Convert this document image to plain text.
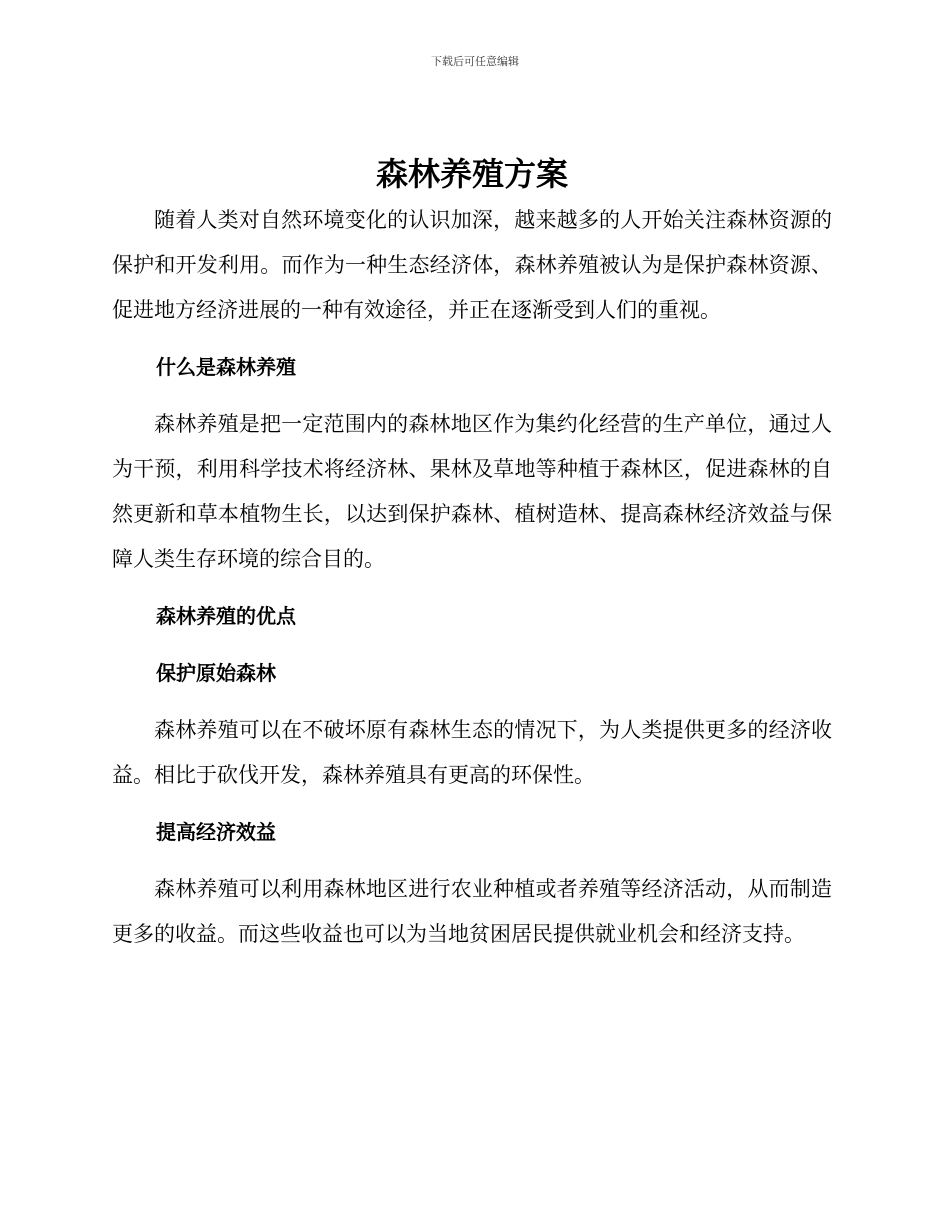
下载后可任意编辑
森林养殖方案

随着人类对自然环境变化的认识加深，越来越多的人开始关注森林资源的保护和开发利用。而作为一种生态经济体，森林养殖被认为是保护森林资源、促进地方经济进展的一种有效途径，并正在逐渐受到人们的重视。

什么是森林养殖

森林养殖是把一定范围内的森林地区作为集约化经营的生产单位，通过人为干预，利用科学技术将经济林、果林及草地等种植于森林区，促进森林的自然更新和草本植物生长，以达到保护森林、植树造林、提高森林经济效益与保障人类生存环境的综合目的。

森林养殖的优点
保护原始森林

森林养殖可以在不破坏原有森林生态的情况下，为人类提供更多的经济收益。相比于砍伐开发，森林养殖具有更高的环保性。

提高经济效益

森林养殖可以利用森林地区进行农业种植或者养殖等经济活动，从而制造更多的收益。而这些收益也可以为当地贫困居民提供就业机会和经济支持。
